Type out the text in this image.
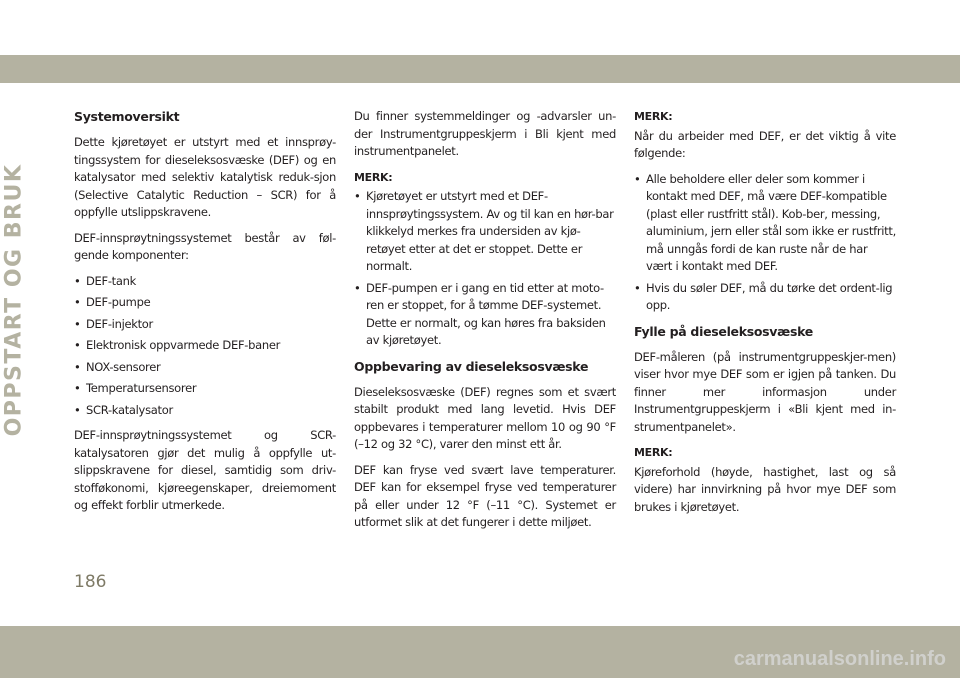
OPPSTART OG BRUK
Systemoversikt

Dette kjøretøyet er utstyrt med et innsprøy-tingssystem for dieseleksosvæske (DEF) og en katalysator med selektiv katalytisk reduk-sjon (Selective Catalytic Reduction – SCR) for å oppfylle utslippskravene.

DEF-innsprøytningssystemet består av føl-gende komponenter:

• DEF-tank
• DEF-pumpe
• DEF-injektor
• Elektronisk oppvarmede DEF-baner
• NOX-sensorer
• Temperatursensorer
• SCR-katalysator

DEF-innsprøytningssystemet og SCR-katalysatoren gjør det mulig å oppfylle ut-slippskravene for diesel, samtidig som driv-stofføkonomi, kjøreegenskaper, dreiemoment og effekt forblir utmerkede.

Du finner systemmeldinger og -advarsler un-der Instrumentgruppeskjerm i Bli kjent med instrumentpanelet.

MERK:
• Kjøretøyet er utstyrt med et DEF-innsprøytingssystem. Av og til kan en hør-bar klikkelyd merkes fra undersiden av kjø-retøyet etter at det er stoppet. Dette er normalt.
• DEF-pumpen er i gang en tid etter at moto-ren er stoppet, for å tømme DEF-systemet. Dette er normalt, og kan høres fra baksiden av kjøretøyet.
Oppbevaring av dieseleksosvæske

Dieseleksosvæske (DEF) regnes som et svært stabilt produkt med lang levetid. Hvis DEF oppbevares i temperaturer mellom 10 og 90 °F (–12 og 32 °C), varer den minst ett år.

DEF kan fryse ved svært lave temperaturer. DEF kan for eksempel fryse ved temperaturer på eller under 12 °F (–11 °C). Systemet er utformet slik at det fungerer i dette miljøet.

MERK:

Når du arbeider med DEF, er det viktig å vite følgende:

• Alle beholdere eller deler som kommer i kontakt med DEF, må være DEF-kompatible (plast eller rustfritt stål). Kob-ber, messing, aluminium, jern eller stål som ikke er rustfritt, må unngås fordi de kan ruste når de har vært i kontakt med DEF.
• Hvis du søler DEF, må du tørke det ordent-lig opp.
Fylle på dieseleksosvæske

DEF-måleren (på instrumentgruppeskjer-men) viser hvor mye DEF som er igjen på tanken. Du finner mer informasjon under Instrumentgruppeskjerm i «Bli kjent med in-strumentpanelet».

MERK:

Kjøreforhold (høyde, hastighet, last og så videre) har innvirkning på hvor mye DEF som brukes i kjøretøyet.

186
carmanualsonline.info
